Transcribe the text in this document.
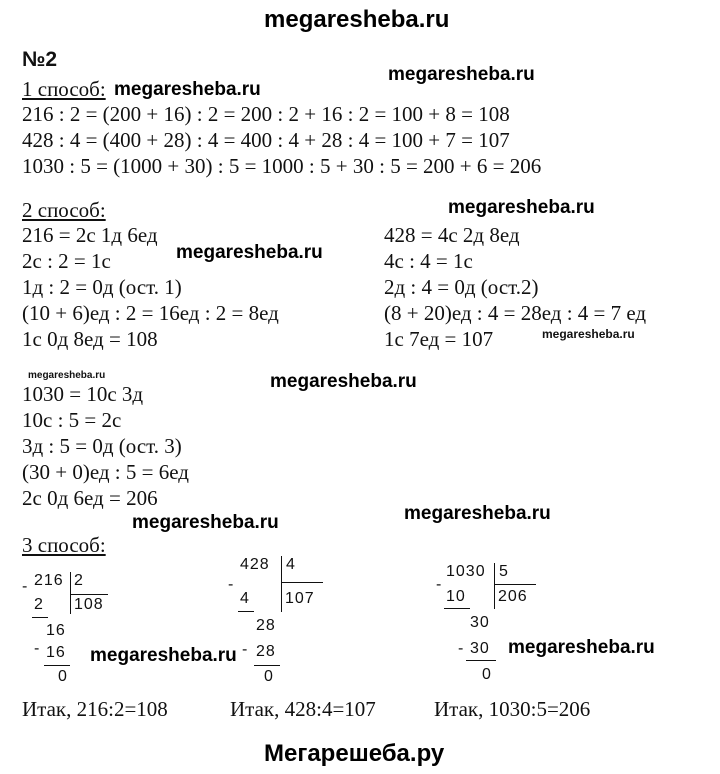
megaresheba.ru
№2
1 способ: megaresheba.ru
megaresheba.ru
216 : 2 = (200 + 16) : 2 = 200 : 2 + 16 : 2 = 100 + 8 = 108
428 : 4 = (400 + 28) : 4 = 400 : 4 + 28 : 4 = 100 + 7 = 107
1030 : 5 = (1000 + 30) : 5 = 1000 : 5 + 30 : 5 = 200 + 6 = 206
2 способ:	megaresheba.ru
216 = 2с 1д 6ед
2с : 2 = 1с
1д : 2 = 0д (ост. 1)
(10 + 6)ед : 2 = 16ед : 2 = 8ед
1с 0д 8ед = 108
megaresheba.ru
428 = 4с 2д 8ед
4с : 4 = 1с
2д : 4 = 0д (ост.2)
(8 + 20)ед : 4 = 28ед : 4 = 7 ед
1с 7ед = 107	megaresheba.ru
megaresheba.ru	megaresheba.ru
1030 = 10с 3д
10с : 5 = 2с
3д : 5 = 0д (ост. 3)
(30 + 0)ед : 5 = 6ед
2с 0д 6ед = 206
megaresheba.ru	megaresheba.ru
3 способ:
- 216 2
108
2
16
- 16
0
megaresheba.ru
-
428 4
107
4
28
- 28
0
-
1030 5
206
10
30
- 30
0
megaresheba.ru
Итак, 216:2=108	Итак, 428:4=107	Итак, 1030:5=206
Мегарешеба.ру
